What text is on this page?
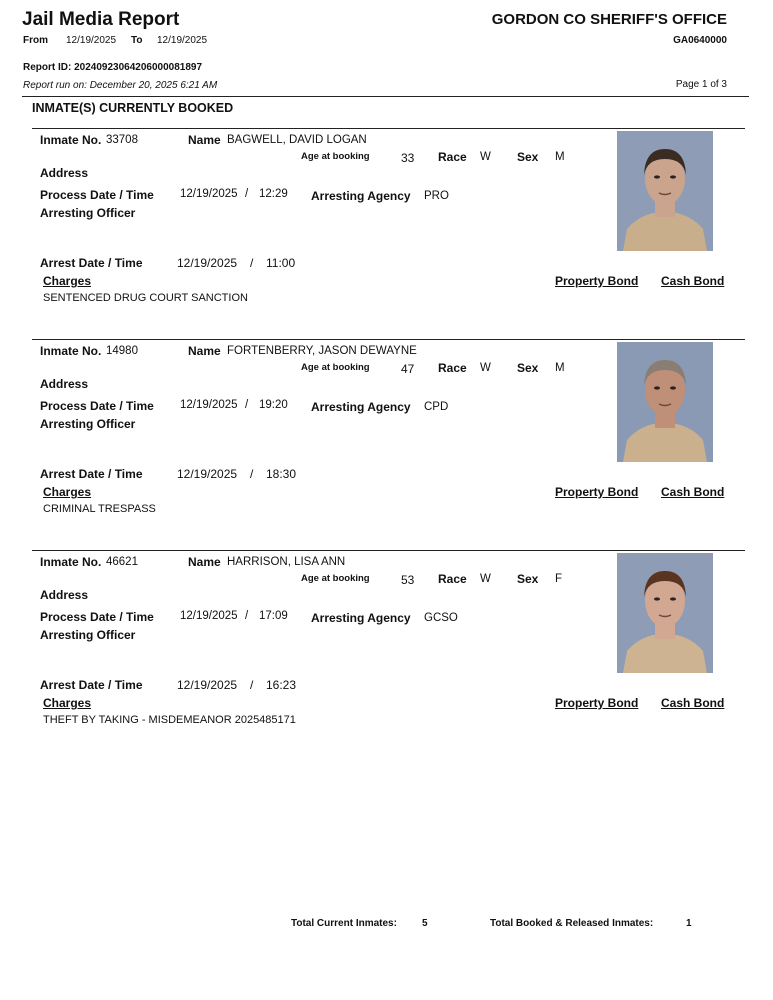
Jail Media Report	GORDON CO SHERIFF'S OFFICE
From 12/19/2025 To 12/19/2025	GA0640000
Report ID: 20240923064206000081897
Report run on: December 20, 2025 6:21 AM	Page 1 of 3
INMATE(S) CURRENTLY BOOKED
Inmate No. 33708	Name BAGWELL, DAVID LOGAN
Age at booking	33 Race W Sex M
Address
Process Date / Time 12/19/2025 / 12:29 Arresting Agency PRO
Arresting Officer
Arrest Date / Time	12/19/2025 / 11:00
Charges	Property Bond Cash Bond
SENTENCED DRUG COURT SANCTION
Inmate No. 14980	Name FORTENBERRY, JASON DEWAYNE
Age at booking	47 Race W Sex M
Address
Process Date / Time 12/19/2025 / 19:20 Arresting Agency CPD
Arresting Officer
Arrest Date / Time	12/19/2025 / 18:30
Charges	Property Bond Cash Bond
CRIMINAL TRESPASS
Inmate No. 46621	Name HARRISON, LISA ANN
Age at booking	53 Race W Sex F
Address
Process Date / Time 12/19/2025 / 17:09 Arresting Agency GCSO
Arresting Officer
Arrest Date / Time	12/19/2025 / 16:23
Charges	Property Bond Cash Bond
THEFT BY TAKING - MISDEMEANOR 2025485171
Total Current Inmates:	5	Total Booked & Released Inmates:	1
